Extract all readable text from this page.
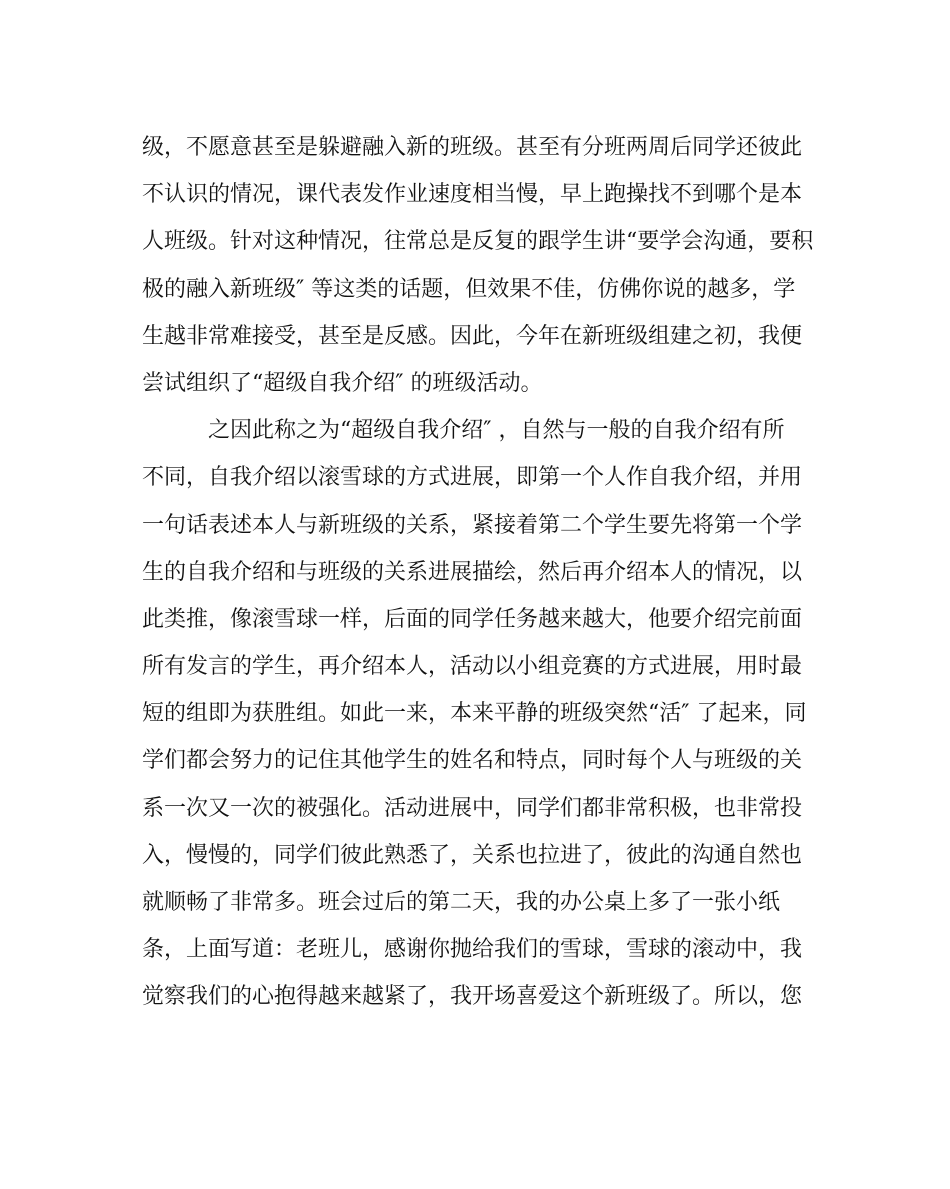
级，不愿意甚至是躲避融入新的班级。甚至有分班两周后同学还彼此
不认识的情况，课代表发作业速度相当慢，早上跑操找不到哪个是本
人班级。针对这种情况，往常总是反复的跟学生讲“要学会沟通，要积
极的融入新班级″ 等这类的话题，但效果不佳，仿佛你说的越多，学
生越非常难接受，甚至是反感。因此，今年在新班级组建之初，我便
尝试组织了“超级自我介绍″ 的班级活动。
之因此称之为“超级自我介绍″ ，自然与一般的自我介绍有所
不同，自我介绍以滚雪球的方式进展，即第一个人作自我介绍，并用
一句话表述本人与新班级的关系，紧接着第二个学生要先将第一个学
生的自我介绍和与班级的关系进展描绘，然后再介绍本人的情况，以
此类推，像滚雪球一样，后面的同学任务越来越大，他要介绍完前面
所有发言的学生，再介绍本人，活动以小组竞赛的方式进展，用时最
短的组即为获胜组。如此一来，本来平静的班级突然“活″ 了起来，同
学们都会努力的记住其他学生的姓名和特点，同时每个人与班级的关
系一次又一次的被强化。活动进展中，同学们都非常积极，也非常投
入，慢慢的，同学们彼此熟悉了，关系也拉进了，彼此的沟通自然也
就顺畅了非常多。班会过后的第二天，我的办公桌上多了一张小纸
条，上面写道：老班儿，感谢你抛给我们的雪球，雪球的滚动中，我
觉察我们的心抱得越来越紧了，我开场喜爱这个新班级了。所以，您
